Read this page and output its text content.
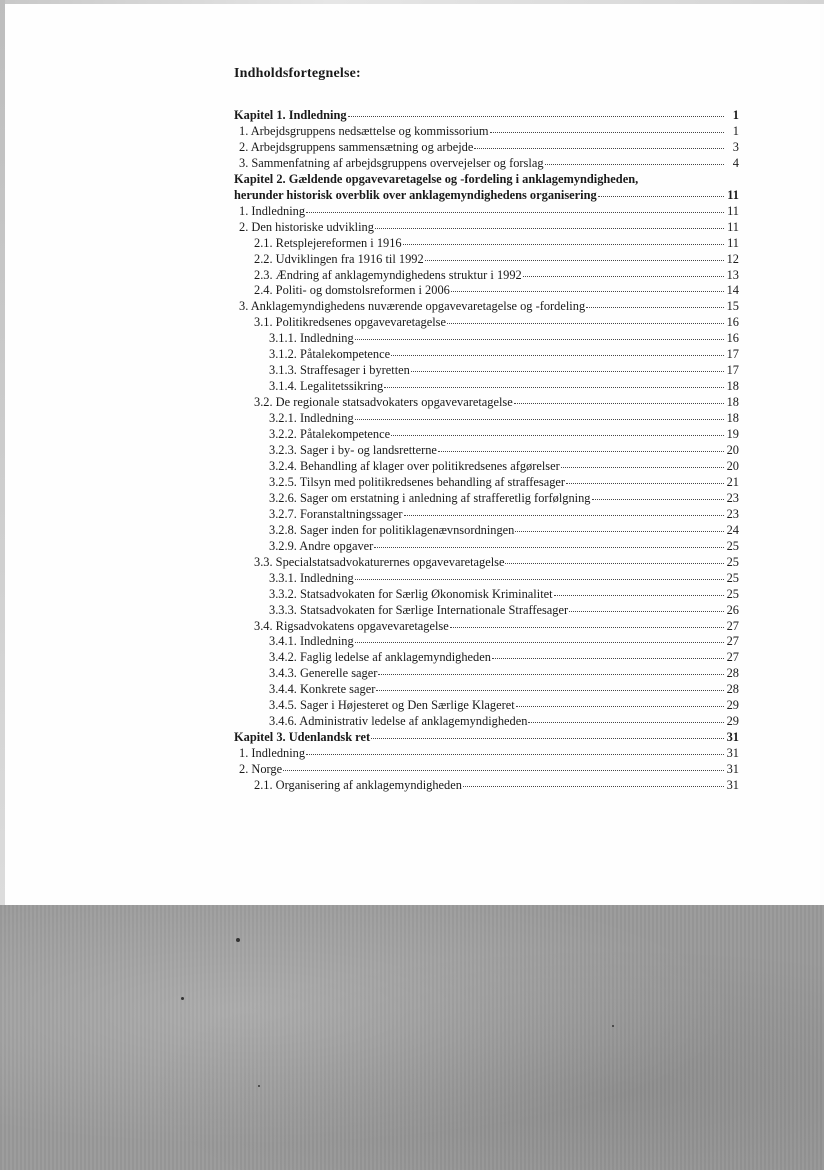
Indholdsfortegnelse:
Kapitel 1. Indledning	1
1. Arbejdsgruppens nedsættelse og kommissorium	1
2. Arbejdsgruppens sammensætning og arbejde	3
3. Sammenfatning af arbejdsgruppens overvejelser og forslag	4
Kapitel 2. Gældende opgavevaretagelse og -fordeling i anklagemyndigheden,
herunder historisk overblik over anklagemyndighedens organisering	11
1. Indledning	11
2. Den historiske udvikling	11
2.1. Retsplejereformen i 1916	11
2.2. Udviklingen fra 1916 til 1992	12
2.3. Ændring af anklagemyndighedens struktur i 1992	13
2.4. Politi- og domstolsreformen i 2006	14
3. Anklagemyndighedens nuværende opgavevaretagelse og -fordeling	15
3.1. Politikredsenes opgavevaretagelse	16
3.1.1. Indledning	16
3.1.2. Påtalekompetence	17
3.1.3. Straffesager i byretten	17
3.1.4. Legalitetssikring	18
3.2. De regionale statsadvokaters opgavevaretagelse	18
3.2.1. Indledning	18
3.2.2. Påtalekompetence	19
3.2.3. Sager i by- og landsretterne	20
3.2.4. Behandling af klager over politikredsenes afgørelser	20
3.2.5. Tilsyn med politikredsenes behandling af straffesager	21
3.2.6. Sager om erstatning i anledning af strafferetlig forfølgning	23
3.2.7. Foranstaltningssager	23
3.2.8. Sager inden for politiklagenævnsordningen	24
3.2.9. Andre opgaver	25
3.3. Specialstatsadvokaturernes opgavevaretagelse	25
3.3.1. Indledning	25
3.3.2. Statsadvokaten for Særlig Økonomisk Kriminalitet	25
3.3.3. Statsadvokaten for Særlige Internationale Straffesager	26
3.4. Rigsadvokatens opgavevaretagelse	27
3.4.1. Indledning	27
3.4.2. Faglig ledelse af anklagemyndigheden	27
3.4.3. Generelle sager	28
3.4.4. Konkrete sager	28
3.4.5. Sager i Højesteret og Den Særlige Klageret	29
3.4.6. Administrativ ledelse af anklagemyndigheden	29
Kapitel 3. Udenlandsk ret	31
1. Indledning	31
2. Norge	31
2.1. Organisering af anklagemyndigheden	31
